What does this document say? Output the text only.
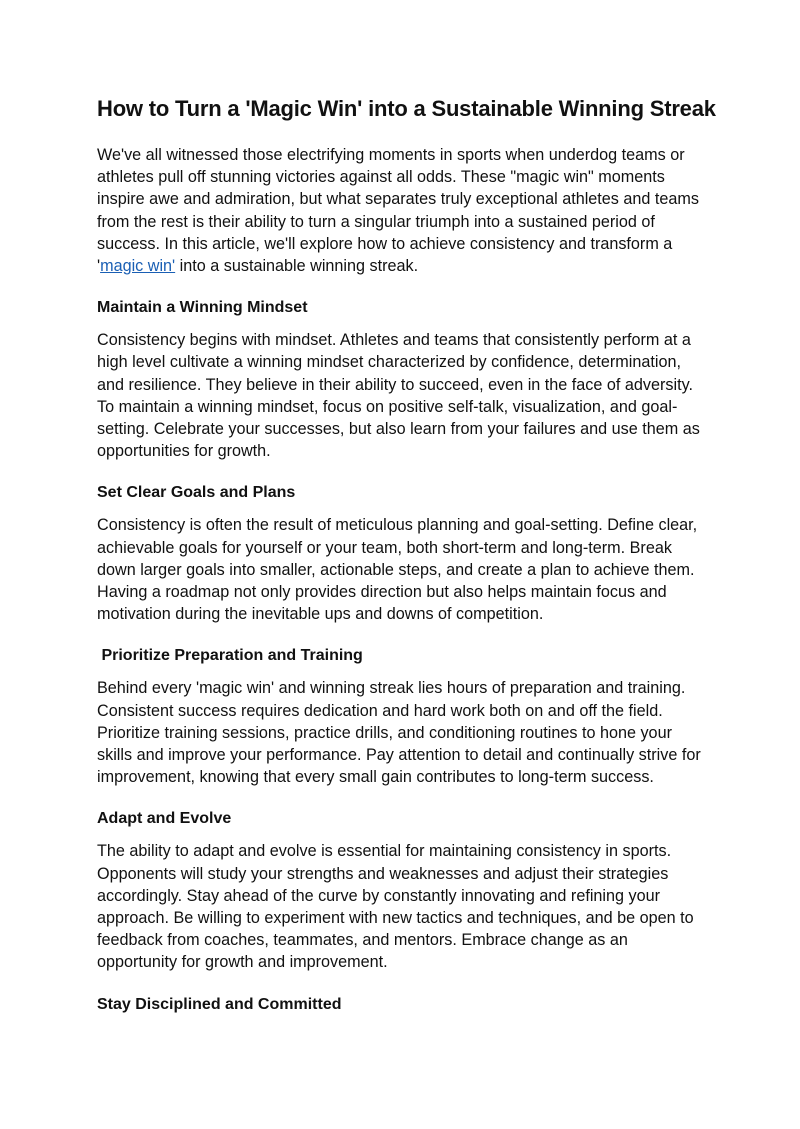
How to Turn a 'Magic Win' into a Sustainable Winning Streak

We've all witnessed those electrifying moments in sports when underdog teams or athletes pull off stunning victories against all odds. These "magic win" moments inspire awe and admiration, but what separates truly exceptional athletes and teams from the rest is their ability to turn a singular triumph into a sustained period of success. In this article, we'll explore how to achieve consistency and transform a 'magic win' into a sustainable winning streak.

Maintain a Winning Mindset

Consistency begins with mindset. Athletes and teams that consistently perform at a high level cultivate a winning mindset characterized by confidence, determination, and resilience. They believe in their ability to succeed, even in the face of adversity. To maintain a winning mindset, focus on positive self-talk, visualization, and goal-setting. Celebrate your successes, but also learn from your failures and use them as opportunities for growth.

Set Clear Goals and Plans

Consistency is often the result of meticulous planning and goal-setting. Define clear, achievable goals for yourself or your team, both short-term and long-term. Break down larger goals into smaller, actionable steps, and create a plan to achieve them. Having a roadmap not only provides direction but also helps maintain focus and motivation during the inevitable ups and downs of competition.

Prioritize Preparation and Training

Behind every 'magic win' and winning streak lies hours of preparation and training. Consistent success requires dedication and hard work both on and off the field. Prioritize training sessions, practice drills, and conditioning routines to hone your skills and improve your performance. Pay attention to detail and continually strive for improvement, knowing that every small gain contributes to long-term success.

Adapt and Evolve

The ability to adapt and evolve is essential for maintaining consistency in sports. Opponents will study your strengths and weaknesses and adjust their strategies accordingly. Stay ahead of the curve by constantly innovating and refining your approach. Be willing to experiment with new tactics and techniques, and be open to feedback from coaches, teammates, and mentors. Embrace change as an opportunity for growth and improvement.

Stay Disciplined and Committed
